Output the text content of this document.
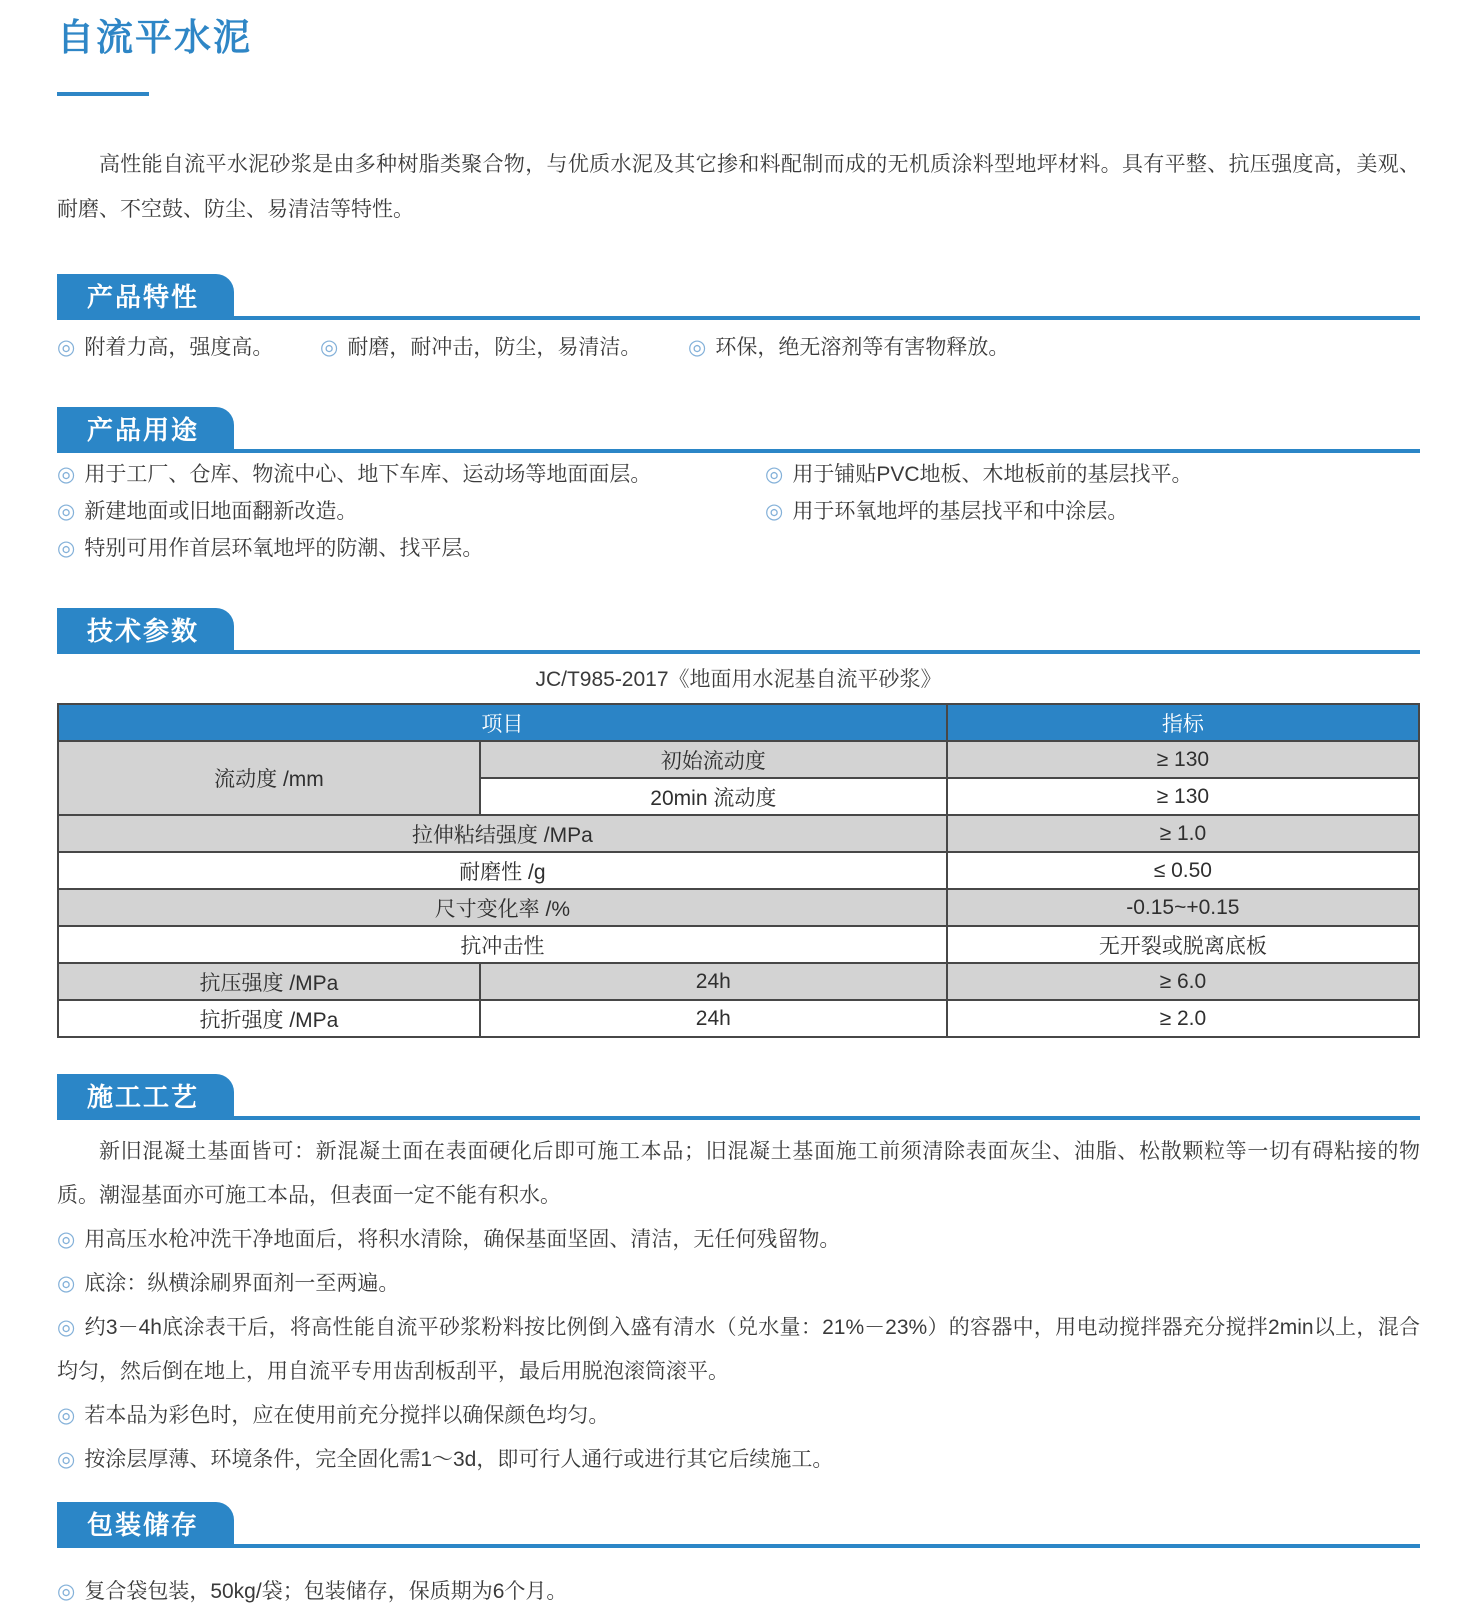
自流平水泥

高性能自流平水泥砂浆是由多种树脂类聚合物，与优质水泥及其它掺和料配制而成的无机质涂料型地坪材料。具有平整、抗压强度高，美观、耐磨、不空鼓、防尘、易清洁等特性。

产品特性

◎ 附着力高，强度高。	◎ 耐磨，耐冲击，防尘，易清洁。	◎ 环保，绝无溶剂等有害物释放。

产品用途

◎ 用于工厂、仓库、物流中心、地下车库、运动场等地面面层。

◎ 新建地面或旧地面翻新改造。

◎ 特别可用作首层环氧地坪的防潮、找平层。

◎ 用于铺贴PVC地板、木地板前的基层找平。

◎ 用于环氧地坪的基层找平和中涂层。

技术参数
JC/T985-2017《地面用水泥基自流平砂浆》
项目		指标
流动度 /mm	初始流动度	≥ 130
	20min 流动度	≥ 130
拉伸粘结强度 /MPa		≥ 1.0
耐磨性 /g		≤ 0.50
尺寸变化率 /%		-0.15~+0.15
抗冲击性		无开裂或脱离底板
抗压强度 /MPa	24h	≥ 6.0
抗折强度 /MPa	24h	≥ 2.0
施工工艺

新旧混凝土基面皆可：新混凝土面在表面硬化后即可施工本品；旧混凝土基面施工前须清除表面灰尘、油脂、松散颗粒等一切有碍粘接的物质。潮湿基面亦可施工本品，但表面一定不能有积水。

◎ 用高压水枪冲洗干净地面后，将积水清除，确保基面坚固、清洁，无任何残留物。

◎ 底涂：纵横涂刷界面剂一至两遍。

◎ 约3－4h底涂表干后，将高性能自流平砂浆粉料按比例倒入盛有清水（兑水量：21%－23%）的容器中，用电动搅拌器充分搅拌2min以上，混合均匀，然后倒在地上，用自流平专用齿刮板刮平，最后用脱泡滚筒滚平。

◎ 若本品为彩色时，应在使用前充分搅拌以确保颜色均匀。

◎ 按涂层厚薄、环境条件，完全固化需1～3d，即可行人通行或进行其它后续施工。

包装储存

◎ 复合袋包装，50kg/袋；包装储存，保质期为6个月。
